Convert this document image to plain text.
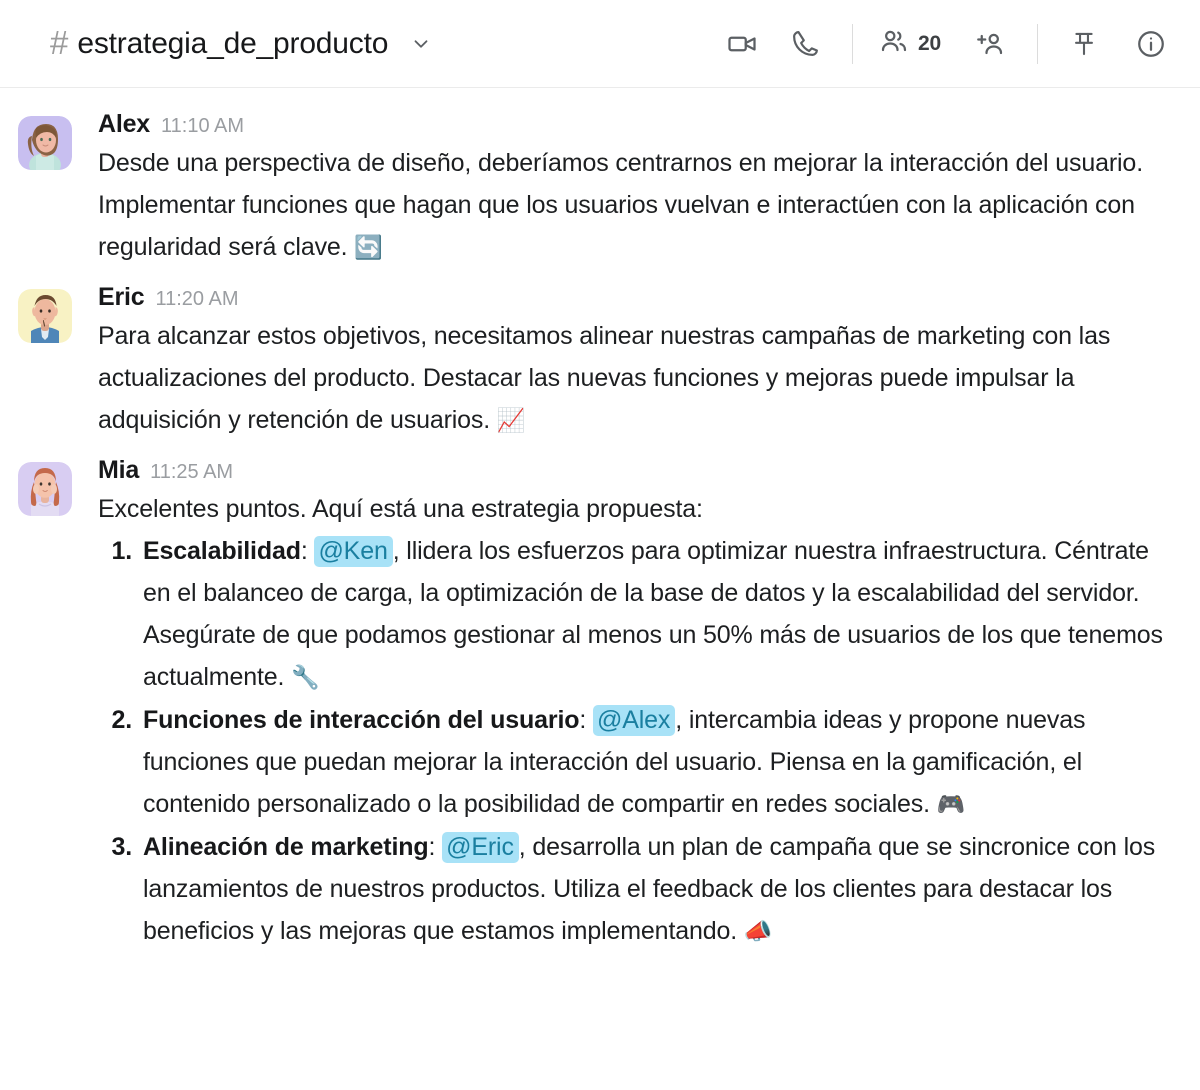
# estrategia_de_producto	20
Alex 11:10 AM
Desde una perspectiva de diseño, deberíamos centrarnos en mejorar la interacción del usuario. Implementar funciones que hagan que los usuarios vuelvan e interactúen con la aplicación con regularidad será clave. 🔄
Eric 11:20 AM
Para alcanzar estos objetivos, necesitamos alinear nuestras campañas de marketing con las actualizaciones del producto. Destacar las nuevas funciones y mejoras puede impulsar la adquisición y retención de usuarios. 📈
Mia 11:25 AM
Excelentes puntos. Aquí está una estrategia propuesta:
Escalabilidad: @Ken , llidera los esfuerzos para optimizar nuestra infraestructura. Céntrate en el balanceo de carga, la optimización de la base de datos y la escalabilidad del servidor. Asegúrate de que podamos gestionar al menos un 50% más de usuarios de los que tenemos actualmente. 🔧
Funciones de interacción del usuario: @Alex , intercambia ideas y propone nuevas funciones que puedan mejorar la interacción del usuario. Piensa en la gamificación, el contenido personalizado o la posibilidad de compartir en redes sociales. 🎮
Alineación de marketing: @Eric , desarrolla un plan de campaña que se sincronice con los lanzamientos de nuestros productos. Utiliza el feedback de los clientes para destacar los beneficios y las mejoras que estamos implementando. 📣
